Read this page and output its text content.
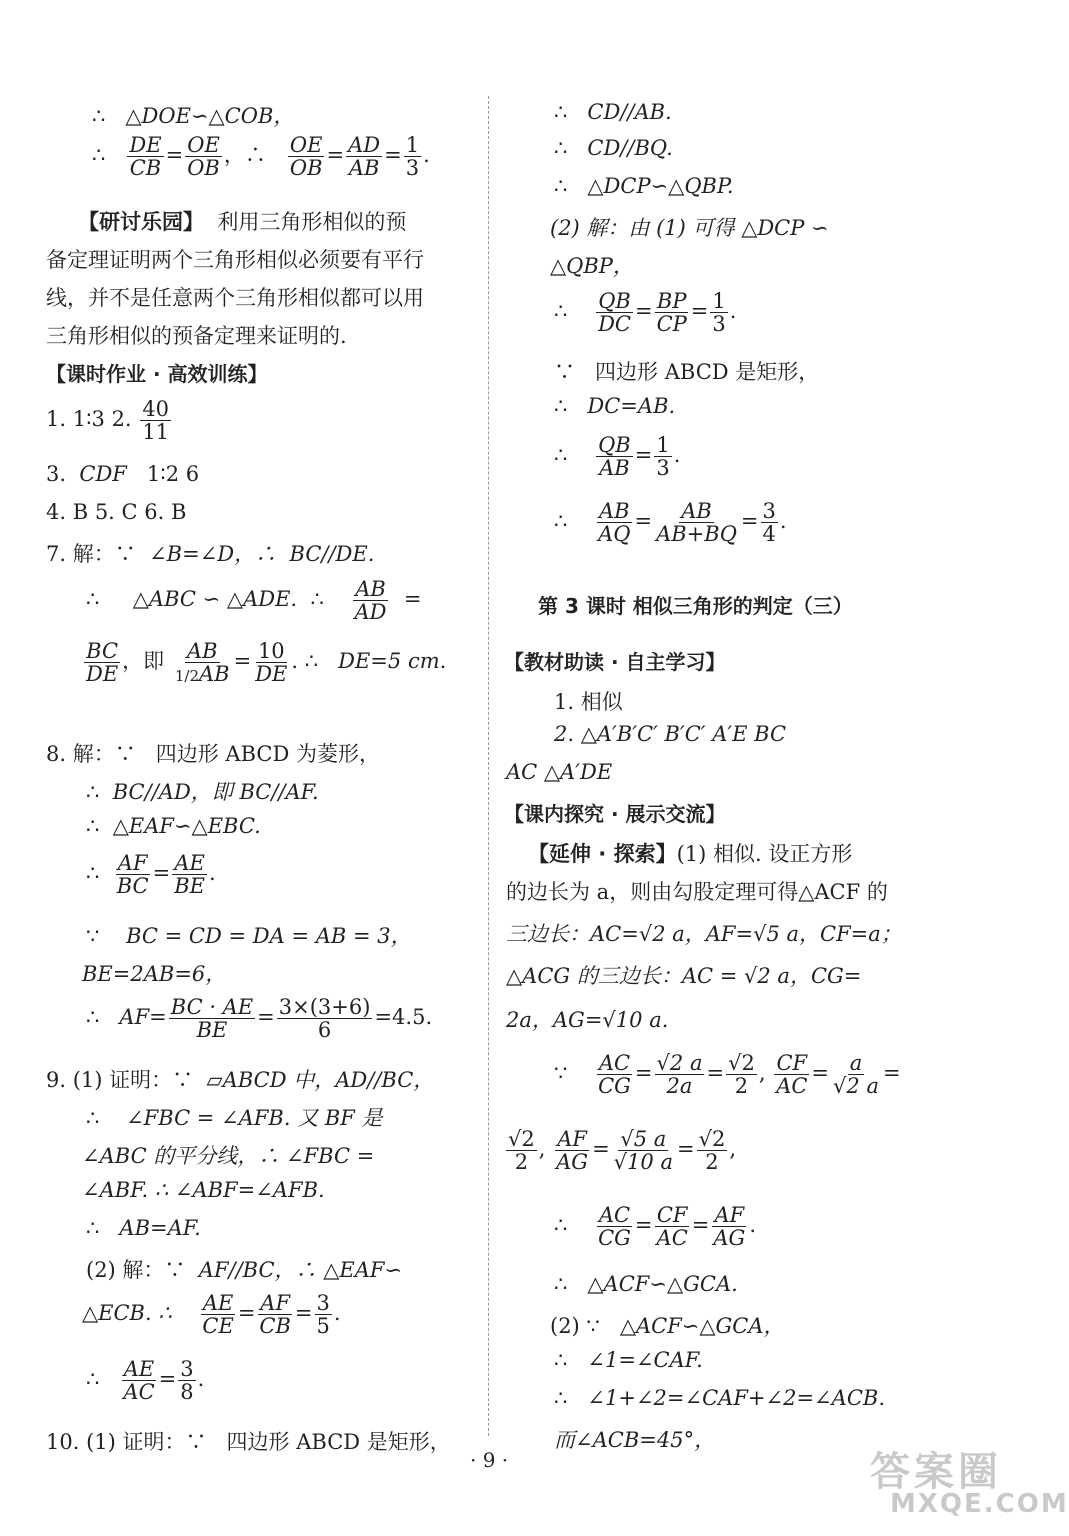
∴ △DOE∽△COB，
∴ $\frac{DE}{CB} = \frac{OE}{OB}$ ，∴ $\frac{OE}{OB} = \frac{AD}{AB} = \frac{1}{3}$ .
【研讨乐园】 利用三角形相似的预
备定理证明两个三角形相似必须要有平行
线，并不是任意两个三角形相似都可以用
三角形相似的预备定理来证明的.
【课时作业 · 高效训练】
1. 1∶3 2. $\frac{40}{11}$
3. CDF 1∶2 6
4. B 5. C 6. B
7. 解：∵ ∠B=∠D，∴ BC//DE.
∴ △ABC ∽ △ADE. ∴ $\frac{AB}{AD}$ =
$\frac{BC}{DE}$ ，即 $\frac{AB}{1/2AB} = \frac{10}{DE}$ . ∴ DE=5 cm.
8. 解：∵ 四边形 ABCD 为菱形，
∴ BC//AD，即 BC//AF.
∴ △EAF∽△EBC.
∴ $\frac{AF}{BC} = \frac{AE}{BE}$ .
∵ BC = CD = DA = AB = 3，
BE=2AB=6，
∴ $AF= \frac{BC \cdot AE}{BE} = \frac{3\times(3+6)}{6} =4.5$.
9. (1) 证明：∵ ▱ABCD 中，AD//BC，
∴ ∠FBC = ∠AFB. 又 BF 是
∠ABC 的平分线，∴ ∠FBC =
∠ABF. ∴ ∠ABF=∠AFB.
∴ AB=AF.
(2) 解：∵ AF//BC，∴ △EAF∽
△ECB. ∴ $\frac{AE}{CE} = \frac{AF}{CB} = \frac{3}{5}$ .
∴ $\frac{AE}{AC} = \frac{3}{8}$ .
10. (1) 证明：∵ 四边形 ABCD 是矩形，
∴ CD//AB.
∴ CD//BQ.
∴ △DCP∽△QBP.
(2) 解：由 (1) 可得 △DCP ∽
△QBP，
∴ $\frac{QB}{DC} = \frac{BP}{CP} = \frac{1}{3}$ .
∵ 四边形 ABCD 是矩形，
∴ DC=AB.
∴ $\frac{QB}{AB} = \frac{1}{3}$ .
∴ $\frac{AB}{AQ} = \frac{AB}{AB+BQ} = \frac{3}{4}$ .
第 3 课时 相似三角形的判定（三）
【教材助读 · 自主学习】
1. 相似
2. △A′B′C′ B′C′ A′E BC
AC △A′DE
【课内探究 · 展示交流】
【延伸 · 探索】(1) 相似. 设正方形
的边长为 a，则由勾股定理可得△ACF 的
三边长：AC=√2 a，AF=√5 a，CF=a；
△ACG 的三边长：AC = √2 a，CG=
2a，AG=√10 a.
∵ $\frac{AC}{CG} = \frac{√2 a}{2a} = \frac{√2}{2}$ , $\frac{CF}{AC} = \frac{a}{√2 a}$ =
$\frac{√2}{2}$ , $\frac{AF}{AG} = \frac{√5 a}{√10 a} = \frac{√2}{2}$ ,
∴ $\frac{AC}{CG} = \frac{CF}{AC} = \frac{AF}{AG}$ .
∴ △ACF∽△GCA.
(2) ∵ △ACF∽△GCA，
∴ ∠1=∠CAF.
∴ ∠1+∠2=∠CAF+∠2=∠ACB.
而∠ACB=45°，
· 9 ·	答案圈
MXQE.COM
